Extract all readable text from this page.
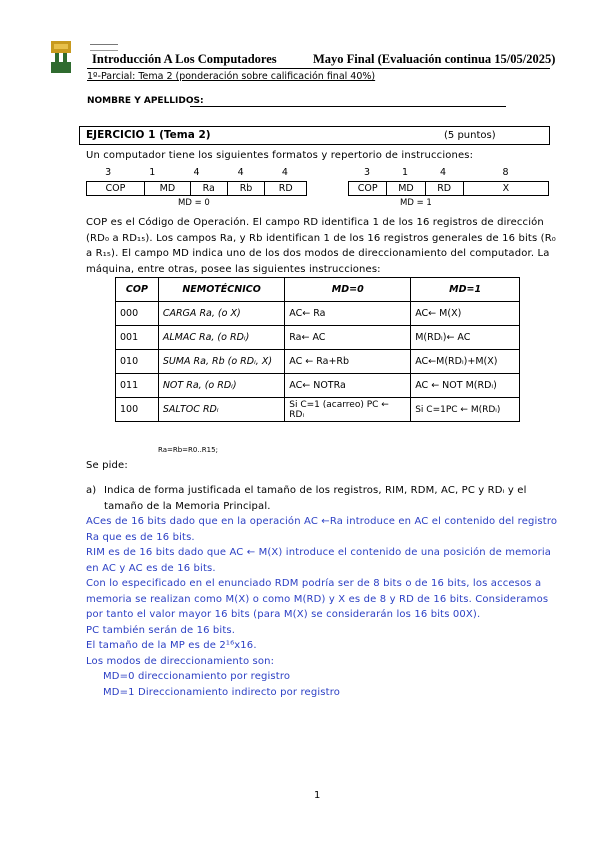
Introducción A Los Computadores	Mayo Final (Evaluación continua 15/05/2025)
1º-Parcial: Tema 2 (ponderación sobre calificación final 40%)
NOMBRE Y APELLIDOS:
EJERCICIO 1 (Tema 2)	(5 puntos)
Un computador tiene los siguientes formatos y repertorio de instrucciones:
3	1	4	4	4
COP	MD	Ra	Rb	RD
MD = 0
3	1	4	8
COP	MD	RD	X
MD = 1
COP es el Código de Operación. El campo RD identifica 1 de los 16 registros de dirección
(RD₀ a RD₁₅). Los campos Ra, y Rb identifican 1 de los 16 registros generales de 16 bits (R₀
a R₁₅). El campo MD indica uno de los dos modos de direccionamiento del computador. La
máquina, entre otras, posee las siguientes instrucciones:
COP	NEMOTÉCNICO	MD=0	MD=1
000	CARGA Ra, (o X)	AC← Ra	AC← M(X)
001	ALMAC Ra, (o RDᵢ)	Ra← AC	M(RDᵢ)← AC
010	SUMA Ra, Rb (o RDᵢ, X)	AC ← Ra+Rb	AC←M(RDᵢ)+M(X)
011	NOT Ra, (o RDᵢ)	AC← NOTRa	AC ← NOT M(RDᵢ)
100	SALTOC RDᵢ	Si C=1 (acarreo) PC ← RDᵢ	Si C=1PC ← M(RDᵢ)
Ra=Rb=R0..R15;
Se pide:
a) Indica de forma justificada el tamaño de los registros, RIM, RDM, AC, PC y RDᵢ y el
tamaño de la Memoria Principal.
ACes de 16 bits dado que en la operación AC ←Ra introduce en AC el contenido del registro
Ra que es de 16 bits.
RIM es de 16 bits dado que AC ← M(X) introduce el contenido de una posición de memoria
en AC y AC es de 16 bits.
Con lo especificado en el enunciado RDM podría ser de 8 bits o de 16 bits, los accesos a
memoria se realizan como M(X) o como M(RD) y X es de 8 y RD de 16 bits. Consideramos
por tanto el valor mayor 16 bits (para M(X) se considerarán los 16 bits 00X).
PC también serán de 16 bits.
El tamaño de la MP es de 2¹⁶x16.
Los modos de direccionamiento son:
MD=0 direccionamiento por registro
MD=1 Direccionamiento indirecto por registro
1
